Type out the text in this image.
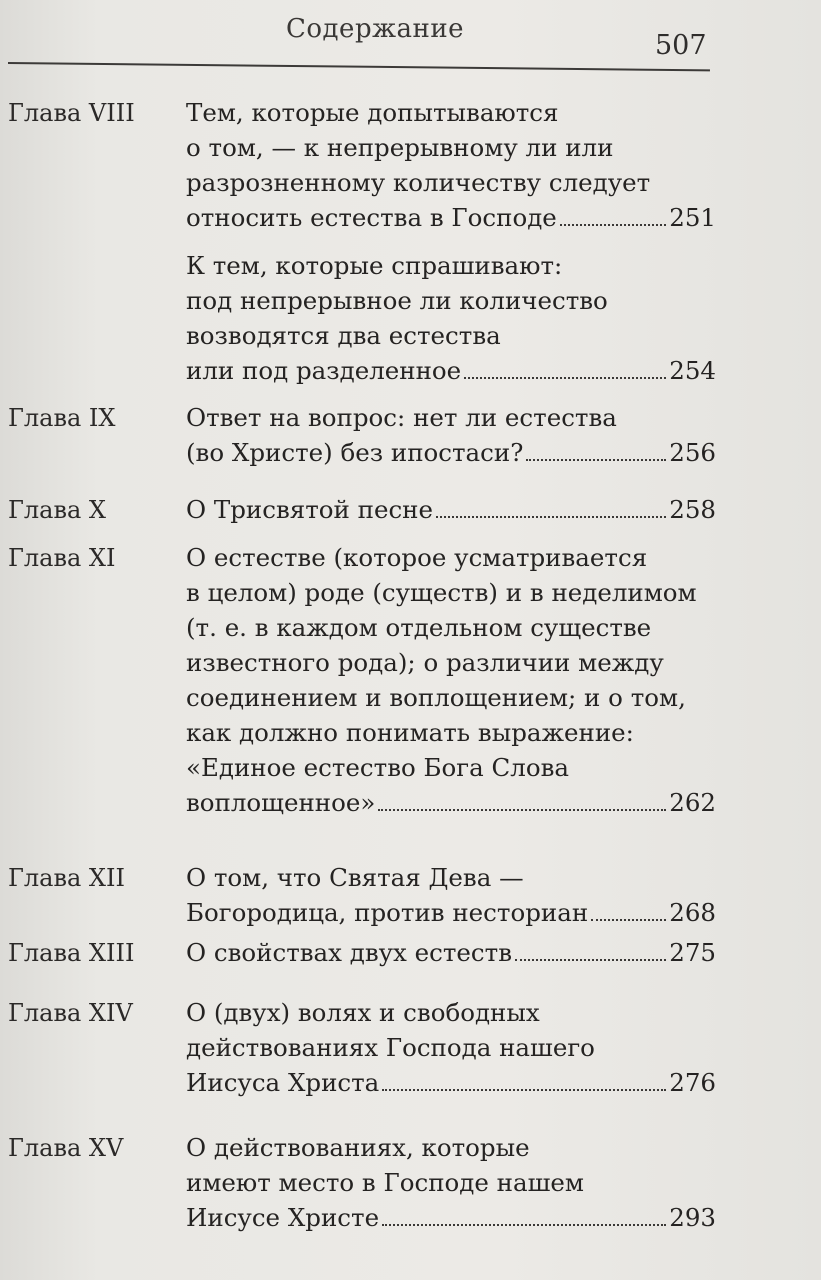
Содержание
507
Глава VIII Тем, которые допытываются
о том, — к непрерывному ли или
разрозненному количеству следует
относить естества в Господе	251
К тем, которые спрашивают:
под непрерывное ли количество
возводятся два естества
или под разделенное	254
Глава IX	Ответ на вопрос: нет ли естества
(во Христе) без ипостаси?	256
Глава X	О Трисвятой песне	258
Глава XI	О естестве (которое усматривается
в целом) роде (существ) и в неделимом
(т. е. в каждом отдельном существе
известного рода); о различии между
соединением и воплощением; и о том,
как должно понимать выражение:
«Единое естество Бога Слова
воплощенное»	262
Глава XII О том, что Святая Дева —
Богородица, против несториан	268
Глава XIII О свойствах двух естеств	275
Глава XIV О (двух) волях и свободных
действованиях Господа нашего
Иисуса Христа	276
Глава XV	О действованиях, которые
имеют место в Господе нашем
Иисусе Христе	293
